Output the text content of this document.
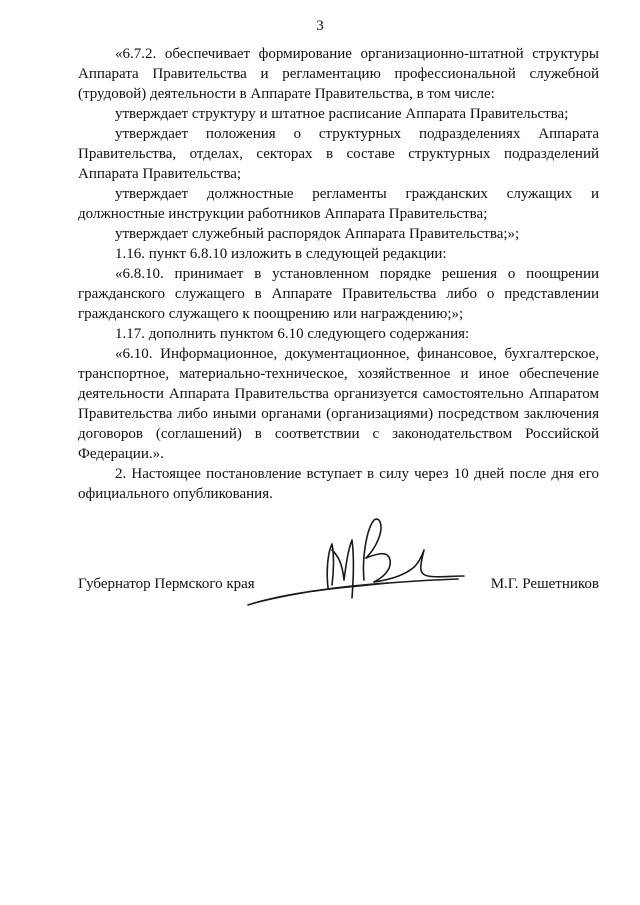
3

«6.7.2. обеспечивает формирование организационно-штатной структуры Аппарата Правительства и регламентацию профессиональной служебной (трудовой) деятельности в Аппарате Правительства, в том числе:

утверждает структуру и штатное расписание Аппарата Правительства;

утверждает положения о структурных подразделениях Аппарата Правительства, отделах, секторах в составе структурных подразделений Аппарата Правительства;

утверждает должностные регламенты гражданских служащих и должностные инструкции работников Аппарата Правительства;

утверждает служебный распорядок Аппарата Правительства;»;

1.16. пункт 6.8.10 изложить в следующей редакции:

«6.8.10. принимает в установленном порядке решения о поощрении гражданского служащего в Аппарате Правительства либо о представлении гражданского служащего к поощрению или награждению;»;

1.17. дополнить пунктом 6.10 следующего содержания:

«6.10. Информационное, документационное, финансовое, бухгалтерское, транспортное, материально-техническое, хозяйственное и иное обеспечение деятельности Аппарата Правительства организуется самостоятельно Аппаратом Правительства либо иными органами (организациями) посредством заключения договоров (соглашений) в соответствии с законодательством Российской Федерации.».

2. Настоящее постановление вступает в силу через 10 дней после дня его официального опубликования.

Губернатор Пермского края	М.Г. Решетников
